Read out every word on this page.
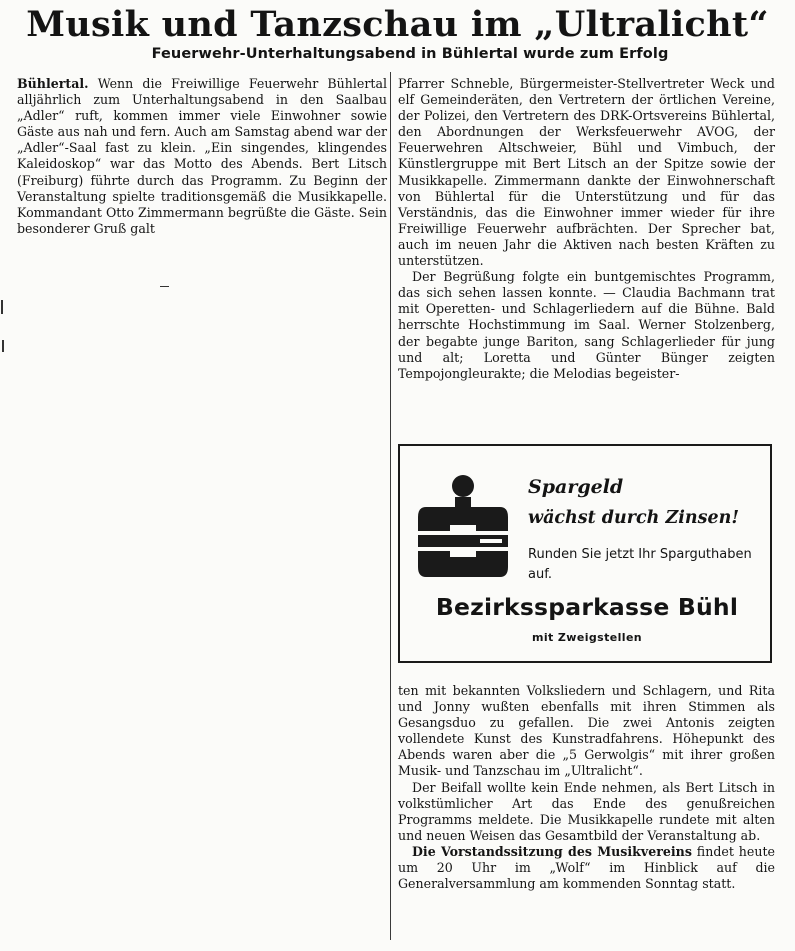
Musik und Tanzschau im „Ultralicht“
Feuerwehr-Unterhaltungsabend in Bühlertal wurde zum Erfolg

Bühlertal. Wenn die Freiwillige Feuerwehr Bühlertal alljährlich zum Unterhaltungsabend in den Saalbau „Adler“ ruft, kommen immer viele Einwohner sowie Gäste aus nah und fern. Auch am Samstag abend war der „Adler“-Saal fast zu klein. „Ein singendes, klingendes Kaleidoskop“ war das Motto des Abends. Bert Litsch (Freiburg) führte durch das Programm. Zu Beginn der Veranstaltung spielte traditionsgemäß die Musikkapelle. Kommandant Otto Zimmermann begrüßte die Gäste. Sein besonderer Gruß galt

Pfarrer Schneble, Bürgermeister-Stellvertreter Weck und elf Gemeinderäten, den Vertretern der örtlichen Vereine, der Polizei, den Vertretern des DRK-Ortsvereins Bühlertal, den Abordnungen der Werksfeuerwehr AVOG, der Feuerwehren Altschweier, Bühl und Vimbuch, der Künstlergruppe mit Bert Litsch an der Spitze sowie der Musikkapelle. Zimmermann dankte der Einwohnerschaft von Bühlertal für die Unterstützung und für das Verständnis, das die Einwohner immer wieder für ihre Freiwillige Feuerwehr aufbrächten. Der Sprecher bat, auch im neuen Jahr die Aktiven nach besten Kräften zu unterstützen.

Der Begrüßung folgte ein buntgemischtes Programm, das sich sehen lassen konnte. — Claudia Bachmann trat mit Operetten- und Schlagerliedern auf die Bühne. Bald herrschte Hochstimmung im Saal. Werner Stolzenberg, der begabte junge Bariton, sang Schlagerlieder für jung und alt; Loretta und Günter Bünger zeigten Tempojongleurakte; die Melodias begeister-

Spargeld
wächst durch Zinsen!
Runden Sie jetzt Ihr Sparguthaben auf.
Bezirkssparkasse Bühl
mit Zweigstellen

ten mit bekannten Volksliedern und Schlagern, und Rita und Jonny wußten ebenfalls mit ihren Stimmen als Gesangsduo zu gefallen. Die zwei Antonis zeigten vollendete Kunst des Kunstradfahrens. Höhepunkt des Abends waren aber die „5 Gerwolgis“ mit ihrer großen Musik- und Tanzschau im „Ultralicht“.

Der Beifall wollte kein Ende nehmen, als Bert Litsch in volkstümlicher Art das Ende des genußreichen Programms meldete. Die Musikkapelle rundete mit alten und neuen Weisen das Gesamtbild der Veranstaltung ab.

Die Vorstandssitzung des Musikvereins findet heute um 20 Uhr im „Wolf“ im Hinblick auf die Generalversammlung am kommenden Sonntag statt.
